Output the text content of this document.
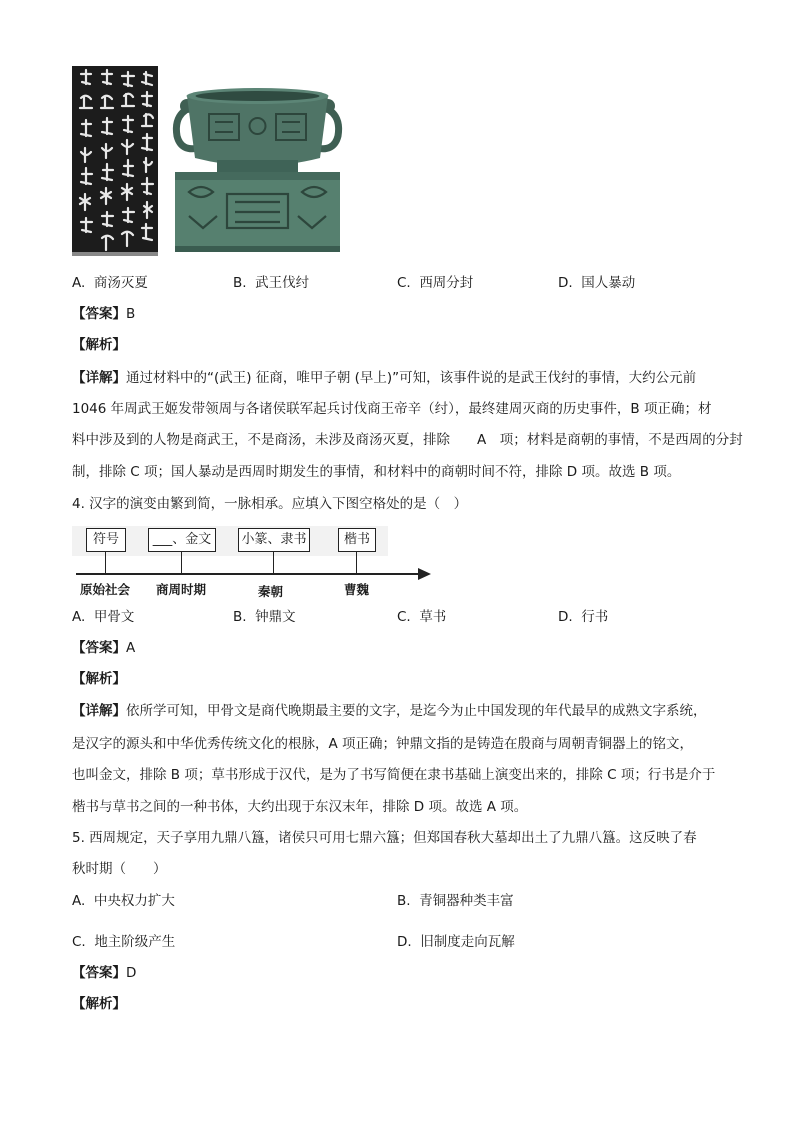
A. 商汤灭夏	B. 武王伐纣	C. 西周分封	D. 国人暴动
【答案】B
【解析】
【详解】通过材料中的“(武王) 征商，唯甲子朝 (早上)”可知，该事件说的是武王伐纣的事情，大约公元前
1046 年周武王姬发带领周与各诸侯联军起兵讨伐商王帝辛（纣），最终建周灭商的历史事件，B 项正确；材
料中涉及到的人物是商武王，不是商汤，未涉及商汤灭夏，排除　　A　项；材料是商朝的事情，不是西周的分封
制，排除 C 项；国人暴动是西周时期发生的事情，和材料中的商朝时间不符，排除 D 项。故选 B 项。
4. 汉字的演变由繁到简，一脉相承。应填入下图空格处的是（　）
符号	___、金文	小篆、隶书	楷书
原始社会 商周时期	秦朝	曹魏
A. 甲骨文	B. 钟鼎文	C. 草书	D. 行书
【答案】A
【解析】
【详解】依所学可知，甲骨文是商代晚期最主要的文字，是迄今为止中国发现的年代最早的成熟文字系统，
是汉字的源头和中华优秀传统文化的根脉，A 项正确；钟鼎文指的是铸造在殷商与周朝青铜器上的铭文，
也叫金文，排除 B 项；草书形成于汉代，是为了书写简便在隶书基础上演变出来的，排除 C 项；行书是介于
楷书与草书之间的一种书体，大约出现于东汉末年，排除 D 项。故选 A 项。
5. 西周规定，天子享用九鼎八簋，诸侯只可用七鼎六簋；但郑国春秋大墓却出土了九鼎八簋。这反映了春
秋时期（　　）
A. 中央权力扩大	B. 青铜器种类丰富
C. 地主阶级产生	D. 旧制度走向瓦解
【答案】D
【解析】
